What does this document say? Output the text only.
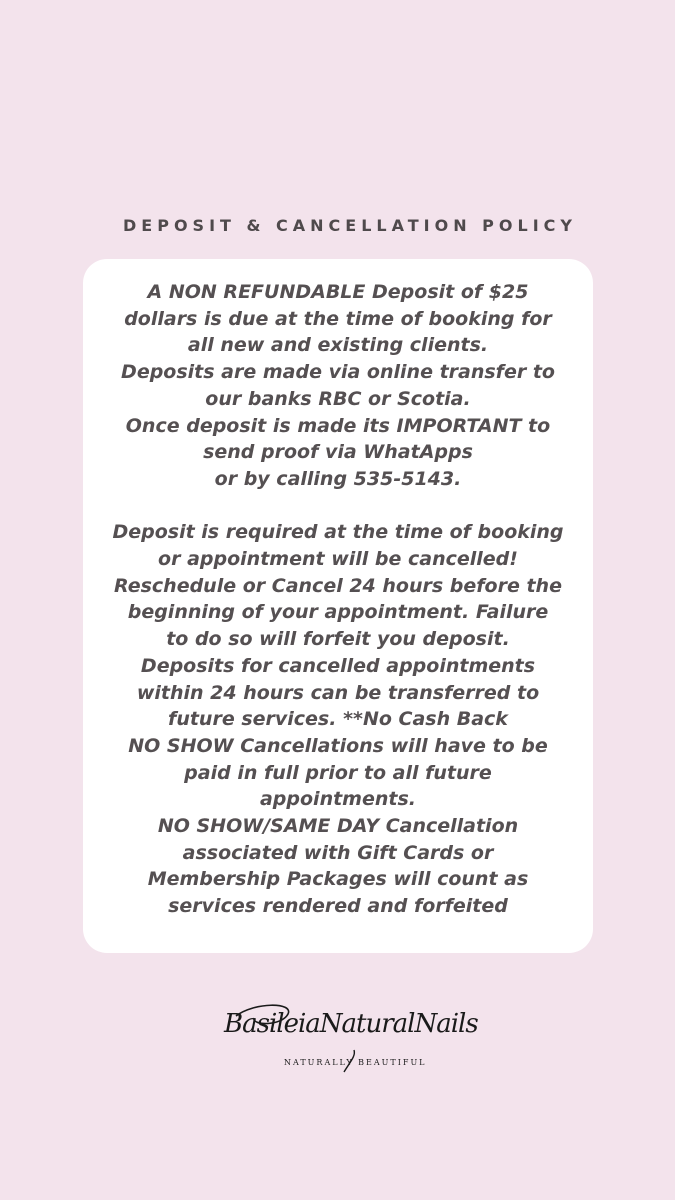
DEPOSIT & CANCELLATION POLICY
A NON REFUNDABLE Deposit of $25
dollars is due at the time of booking for
all new and existing clients.
Deposits are made via online transfer to
our banks RBC or Scotia.
Once deposit is made its IMPORTANT to
send proof via WhatApps
or by calling 535-5143.
Deposit is required at the time of booking
or appointment will be cancelled!
Reschedule or Cancel 24 hours before the
beginning of your appointment. Failure
to do so will forfeit you deposit.
Deposits for cancelled appointments
within 24 hours can be transferred to
future services. **No Cash Back
NO SHOW Cancellations will have to be
paid in full prior to all future
appointments.
NO SHOW/SAME DAY Cancellation
associated with Gift Cards or
Membership Packages will count as
services rendered and forfeited
BasileiaNaturalNails
NATURALLY BEAUTIFUL
